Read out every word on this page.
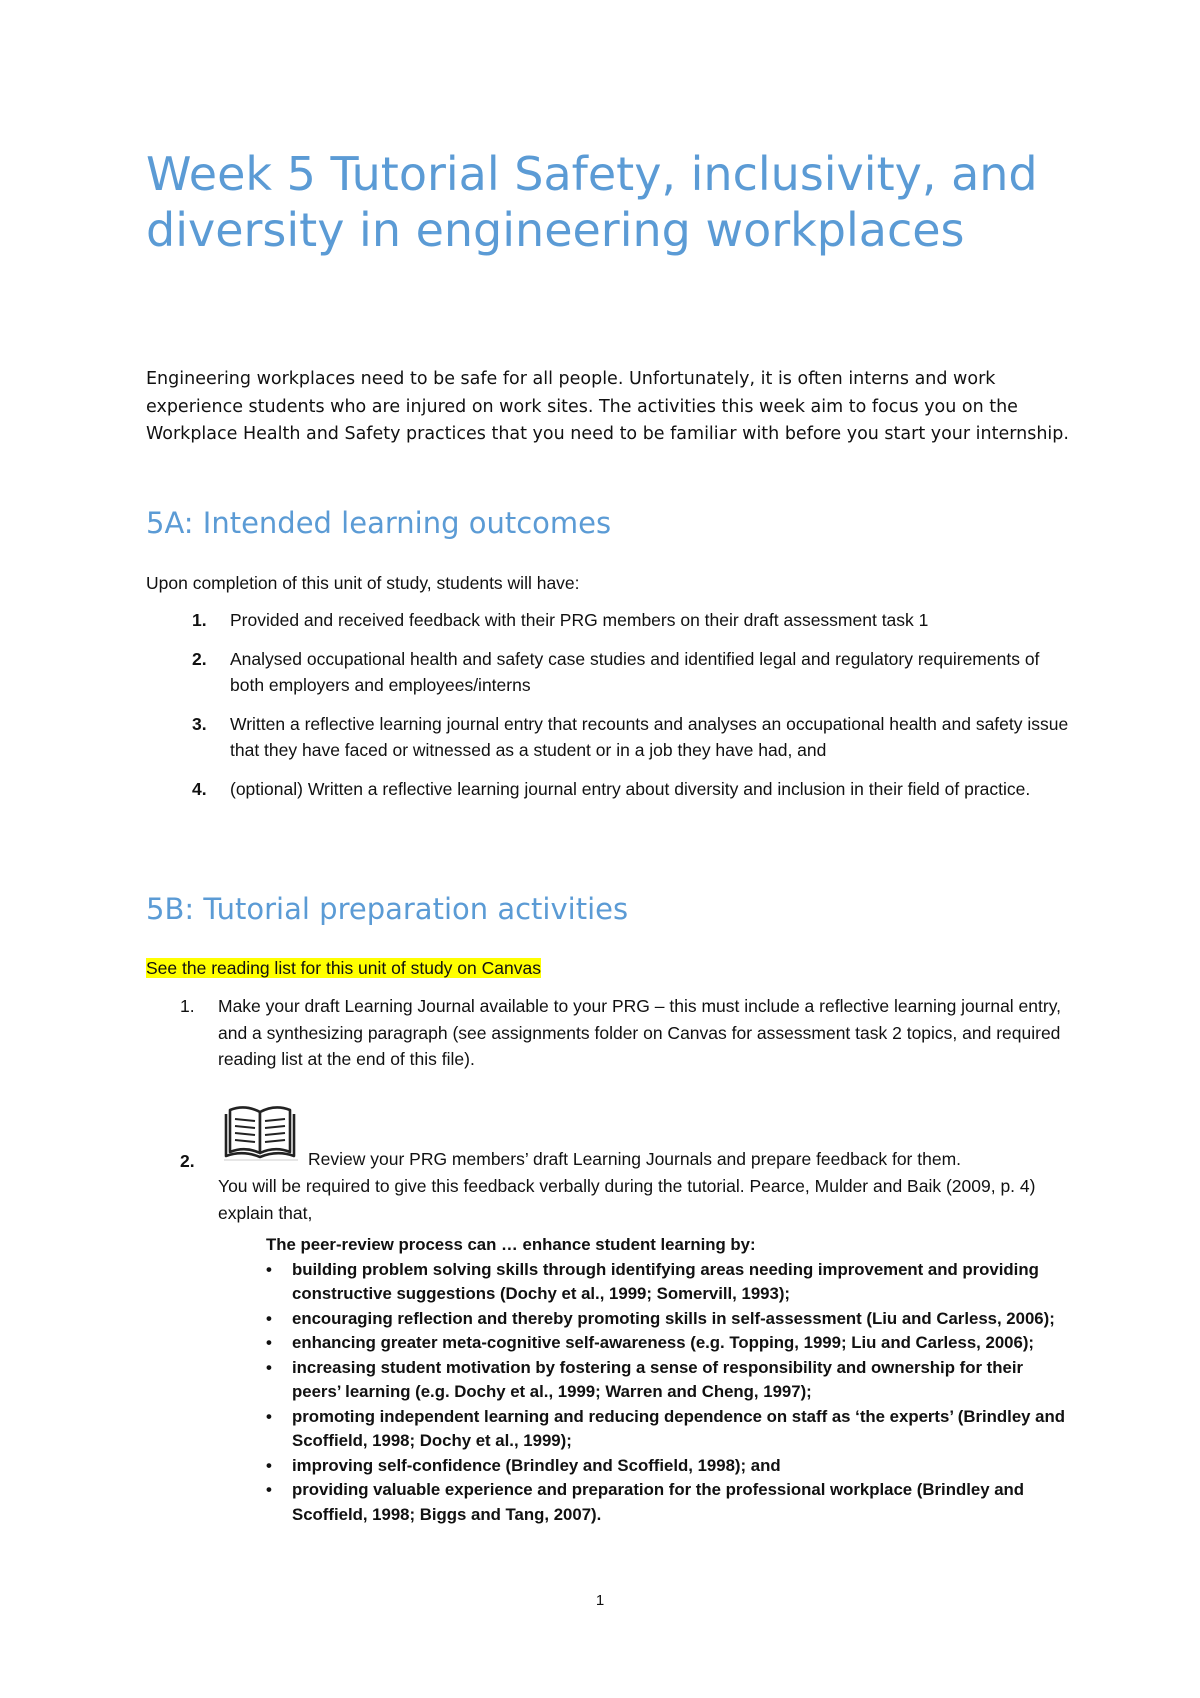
Week 5 Tutorial Safety, inclusivity, and diversity in engineering workplaces

Engineering workplaces need to be safe for all people. Unfortunately, it is often interns and work experience students who are injured on work sites. The activities this week aim to focus you on the Workplace Health and Safety practices that you need to be familiar with before you start your internship.

5A: Intended learning outcomes

Upon completion of this unit of study, students will have:

1. Provided and received feedback with their PRG members on their draft assessment task 1
2. Analysed occupational health and safety case studies and identified legal and regulatory requirements of both employers and employees/interns
3. Written a reflective learning journal entry that recounts and analyses an occupational health and safety issue that they have faced or witnessed as a student or in a job they have had, and
4. (optional) Written a reflective learning journal entry about diversity and inclusion in their field of practice.
5B: Tutorial preparation activities

See the reading list for this unit of study on Canvas

1. Make your draft Learning Journal available to your PRG – this must include a reflective learning journal entry, and a synthesizing paragraph (see assignments folder on Canvas for assessment task 2 topics, and required reading list at the end of this file).
2.	Review your PRG members’ draft Learning Journals and prepare feedback for them.
You will be required to give this feedback verbally during the tutorial. Pearce, Mulder and Baik (2009, p. 4) explain that,

The peer-review process can … enhance student learning by:

• building problem solving skills through identifying areas needing improvement and providing constructive suggestions (Dochy et al., 1999; Somervill, 1993);
• encouraging reflection and thereby promoting skills in self-assessment (Liu and Carless, 2006);
• enhancing greater meta-cognitive self-awareness (e.g. Topping, 1999; Liu and Carless, 2006);
• increasing student motivation by fostering a sense of responsibility and ownership for their peers’ learning (e.g. Dochy et al., 1999; Warren and Cheng, 1997);
• promoting independent learning and reducing dependence on staff as ‘the experts’ (Brindley and Scoffield, 1998; Dochy et al., 1999);
• improving self-confidence (Brindley and Scoffield, 1998); and
• providing valuable experience and preparation for the professional workplace (Brindley and Scoffield, 1998; Biggs and Tang, 2007).
1
